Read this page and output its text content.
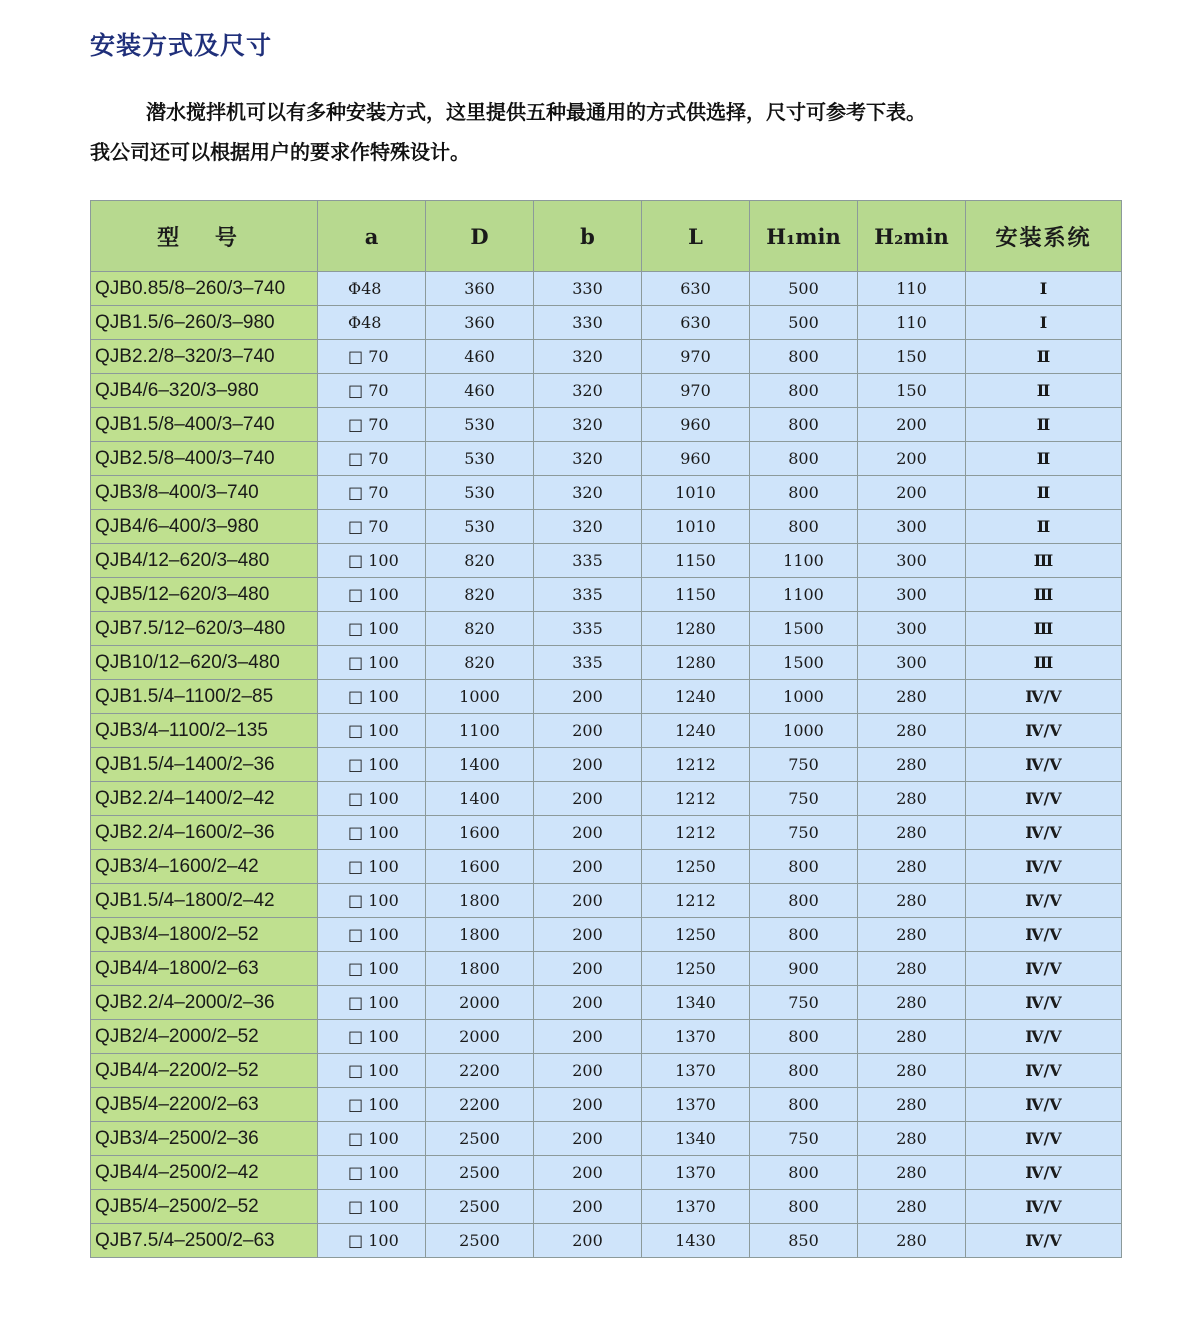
安装方式及尺寸
潜水搅拌机可以有多种安装方式，这里提供五种最通用的方式供选择，尺寸可参考下表。
我公司还可以根据用户的要求作特殊设计。
型 号	a	D	b	L	H₁min	H₂min	安装系统
QJB0.85/8–260/3–740	Φ48	360	330	630	500	110	Ⅰ
QJB1.5/6–260/3–980	Φ48	360	330	630	500	110	Ⅰ
QJB2.2/8–320/3–740	□ 70	460	320	970	800	150	Ⅱ
QJB4/6–320/3–980	□ 70	460	320	970	800	150	Ⅱ
QJB1.5/8–400/3–740	□ 70	530	320	960	800	200	Ⅱ
QJB2.5/8–400/3–740	□ 70	530	320	960	800	200	Ⅱ
QJB3/8–400/3–740	□ 70	530	320	1010	800	200	Ⅱ
QJB4/6–400/3–980	□ 70	530	320	1010	800	300	Ⅱ
QJB4/12–620/3–480	□ 100	820	335	1150	1100	300	Ⅲ
QJB5/12–620/3–480	□ 100	820	335	1150	1100	300	Ⅲ
QJB7.5/12–620/3–480	□ 100	820	335	1280	1500	300	Ⅲ
QJB10/12–620/3–480	□ 100	820	335	1280	1500	300	Ⅲ
QJB1.5/4–1100/2–85	□ 100	1000	200	1240	1000	280	Ⅳ/Ⅴ
QJB3/4–1100/2–135	□ 100	1100	200	1240	1000	280	Ⅳ/Ⅴ
QJB1.5/4–1400/2–36	□ 100	1400	200	1212	750	280	Ⅳ/Ⅴ
QJB2.2/4–1400/2–42	□ 100	1400	200	1212	750	280	Ⅳ/Ⅴ
QJB2.2/4–1600/2–36	□ 100	1600	200	1212	750	280	Ⅳ/Ⅴ
QJB3/4–1600/2–42	□ 100	1600	200	1250	800	280	Ⅳ/Ⅴ
QJB1.5/4–1800/2–42	□ 100	1800	200	1212	800	280	Ⅳ/Ⅴ
QJB3/4–1800/2–52	□ 100	1800	200	1250	800	280	Ⅳ/Ⅴ
QJB4/4–1800/2–63	□ 100	1800	200	1250	900	280	Ⅳ/Ⅴ
QJB2.2/4–2000/2–36	□ 100	2000	200	1340	750	280	Ⅳ/Ⅴ
QJB2/4–2000/2–52	□ 100	2000	200	1370	800	280	Ⅳ/Ⅴ
QJB4/4–2200/2–52	□ 100	2200	200	1370	800	280	Ⅳ/Ⅴ
QJB5/4–2200/2–63	□ 100	2200	200	1370	800	280	Ⅳ/Ⅴ
QJB3/4–2500/2–36	□ 100	2500	200	1340	750	280	Ⅳ/Ⅴ
QJB4/4–2500/2–42	□ 100	2500	200	1370	800	280	Ⅳ/Ⅴ
QJB5/4–2500/2–52	□ 100	2500	200	1370	800	280	Ⅳ/Ⅴ
QJB7.5/4–2500/2–63	□ 100	2500	200	1430	850	280	Ⅳ/Ⅴ
